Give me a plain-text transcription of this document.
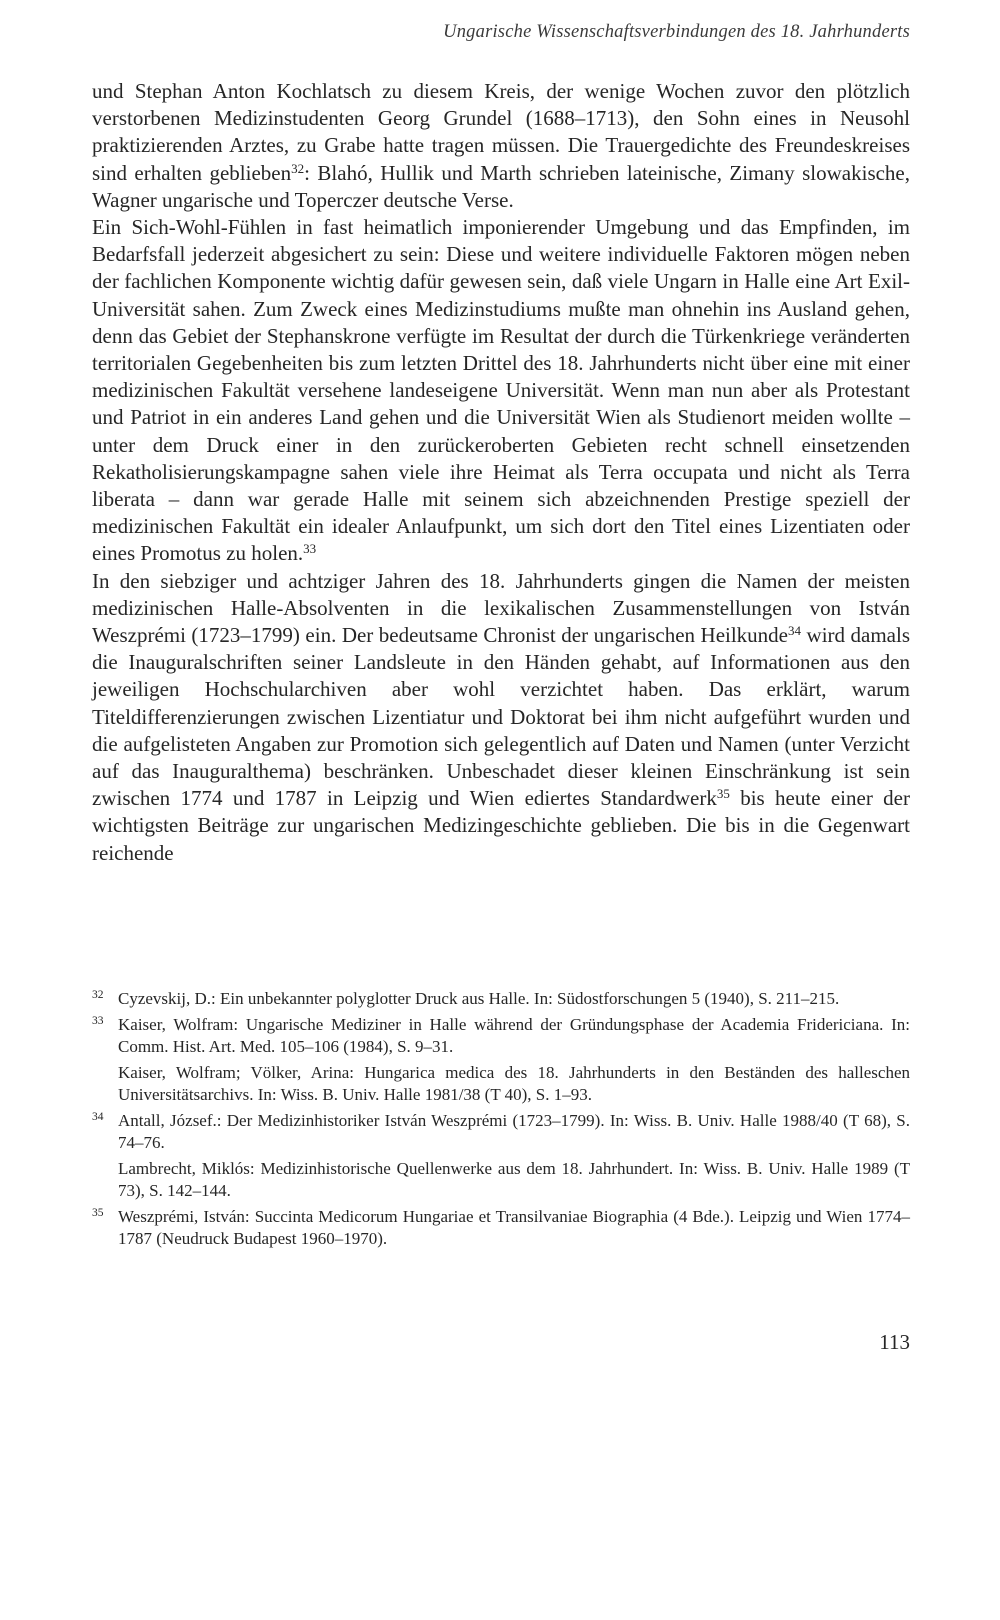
Ungarische Wissenschaftsverbindungen des 18. Jahrhunderts

und Stephan Anton Kochlatsch zu diesem Kreis, der wenige Wochen zuvor den plötzlich verstorbenen Medizinstudenten Georg Grundel (1688–1713), den Sohn eines in Neusohl praktizierenden Arztes, zu Grabe hatte tragen müssen. Die Trauergedichte des Freundeskreises sind erhalten geblieben$^{32}$: Blahó, Hullik und Marth schrieben lateinische, Zimany slowakische, Wagner ungarische und Toperczer deutsche Verse.

Ein Sich-Wohl-Fühlen in fast heimatlich imponierender Umgebung und das Empfinden, im Bedarfsfall jederzeit abgesichert zu sein: Diese und weitere individuelle Faktoren mögen neben der fachlichen Komponente wichtig dafür gewesen sein, daß viele Ungarn in Halle eine Art Exil-Universität sahen. Zum Zweck eines Medizinstudiums mußte man ohnehin ins Ausland gehen, denn das Gebiet der Stephanskrone verfügte im Resultat der durch die Türkenkriege veränderten territorialen Gegebenheiten bis zum letzten Drittel des 18. Jahrhunderts nicht über eine mit einer medizinischen Fakultät versehene landeseigene Universität. Wenn man nun aber als Protestant und Patriot in ein anderes Land gehen und die Universität Wien als Studienort meiden wollte – unter dem Druck einer in den zurückeroberten Gebieten recht schnell einsetzenden Rekatholisierungskampagne sahen viele ihre Heimat als Terra occupata und nicht als Terra liberata – dann war gerade Halle mit seinem sich abzeichnenden Prestige speziell der medizinischen Fakultät ein idealer Anlaufpunkt, um sich dort den Titel eines Lizentiaten oder eines Promotus zu holen.$^{33}$

In den siebziger und achtziger Jahren des 18. Jahrhunderts gingen die Namen der meisten medizinischen Halle-Absolventen in die lexikalischen Zusammenstellungen von István Weszprémi (1723–1799) ein. Der bedeutsame Chronist der ungarischen Heilkunde$^{34}$ wird damals die Inauguralschriften seiner Landsleute in den Händen gehabt, auf Informationen aus den jeweiligen Hochschularchiven aber wohl verzichtet haben. Das erklärt, warum Titeldifferenzierungen zwischen Lizentiatur und Doktorat bei ihm nicht aufgeführt wurden und die aufgelisteten Angaben zur Promotion sich gelegentlich auf Daten und Namen (unter Verzicht auf das Inauguralthema) beschränken. Unbeschadet dieser kleinen Einschränkung ist sein zwischen 1774 und 1787 in Leipzig und Wien ediertes Standardwerk$^{35}$ bis heute einer der wichtigsten Beiträge zur ungarischen Medizingeschichte geblieben. Die bis in die Gegenwart reichende

32 Cyzevskij, D.: Ein unbekannter polyglotter Druck aus Halle. In: Südostforschungen 5 (1940), S. 211–215.
33 Kaiser, Wolfram: Ungarische Mediziner in Halle während der Gründungsphase der Academia Fridericiana. In: Comm. Hist. Art. Med. 105–106 (1984), S. 9–31.
Kaiser, Wolfram; Völker, Arina: Hungarica medica des 18. Jahrhunderts in den Beständen des halleschen Universitätsarchivs. In: Wiss. B. Univ. Halle 1981/38 (T 40), S. 1–93.
34 Antall, József.: Der Medizinhistoriker István Weszprémi (1723–1799). In: Wiss. B. Univ. Halle 1988/40 (T 68), S. 74–76.
Lambrecht, Miklós: Medizinhistorische Quellenwerke aus dem 18. Jahrhundert. In: Wiss. B. Univ. Halle 1989 (T 73), S. 142–144.
35 Weszprémi, István: Succinta Medicorum Hungariae et Transilvaniae Biographia (4 Bde.). Leipzig und Wien 1774–1787 (Neudruck Budapest 1960–1970).
113
